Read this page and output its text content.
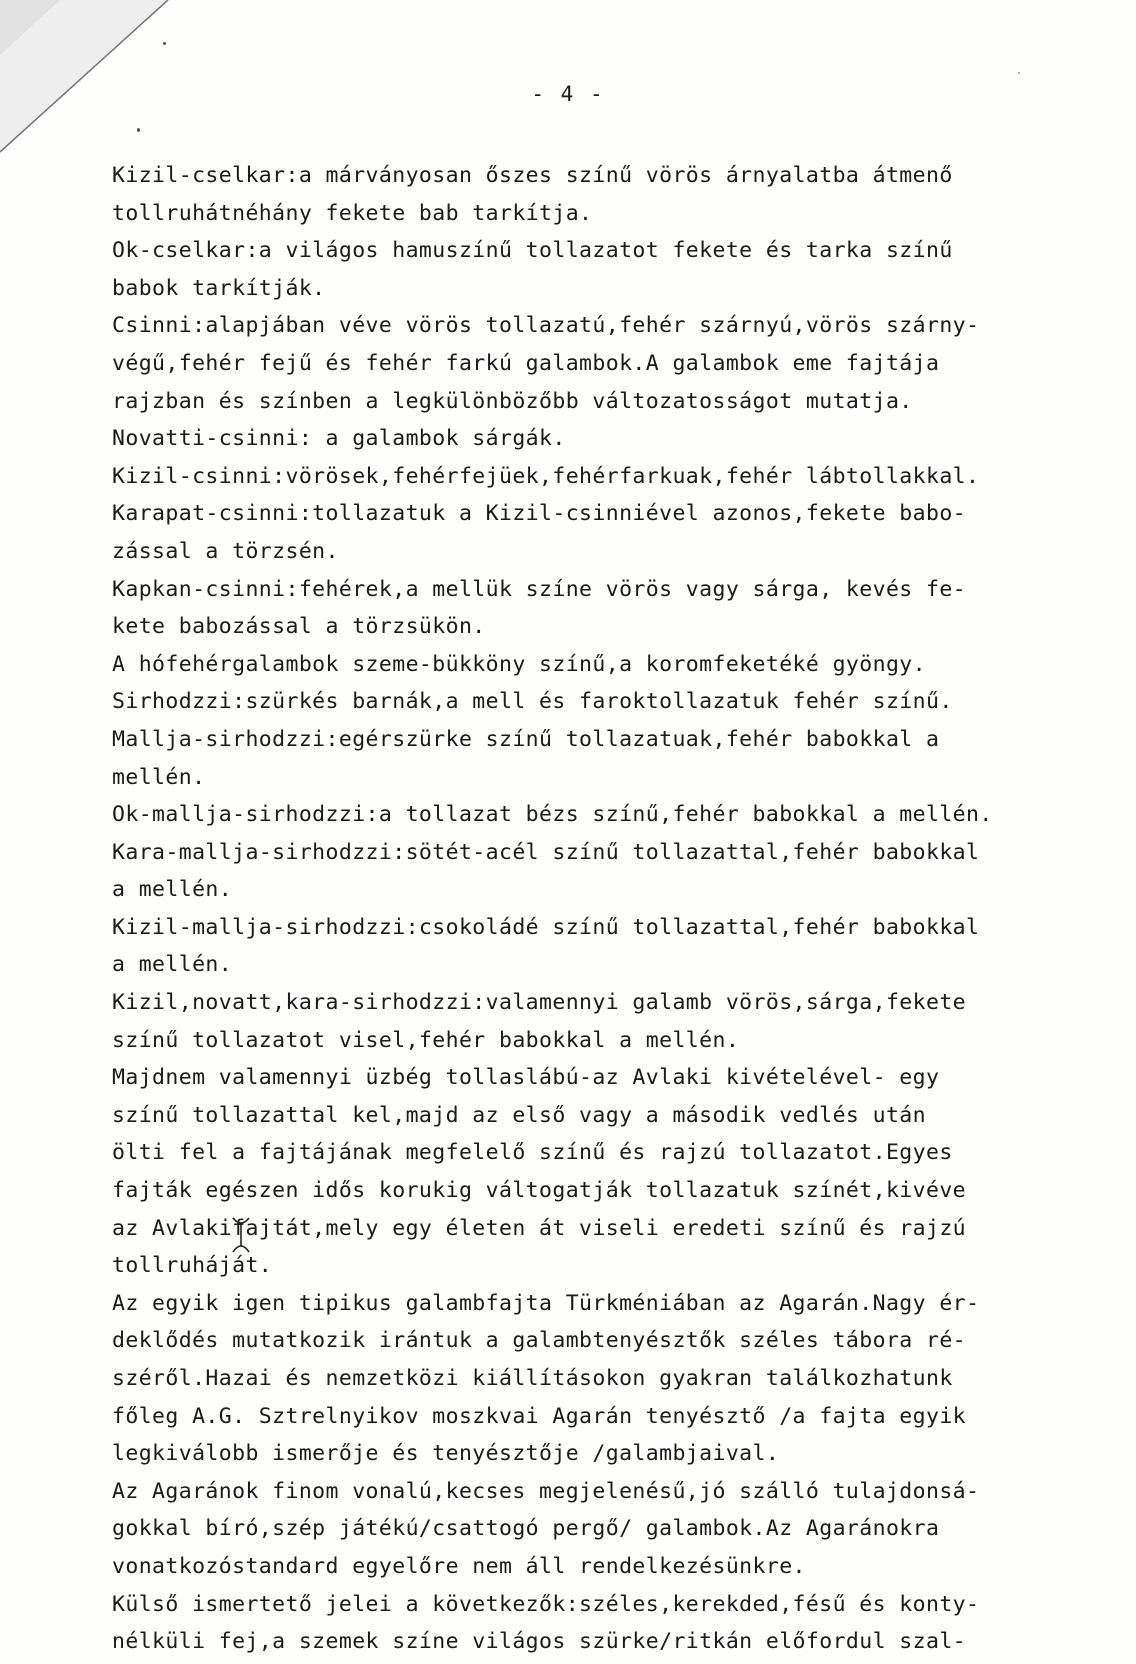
- 4 -
Kizil-cselkar:a márványosan őszes színű vörös árnyalatba átmenő
tollruhátnéhány fekete bab tarkítja.
Ok-cselkar:a világos hamuszínű tollazatot fekete és tarka színű
babok tarkítják.
Csinni:alapjában véve vörös tollazatú,fehér szárnyú,vörös szárny-
végű,fehér fejű és fehér farkú galambok.A galambok eme fajtája
rajzban és színben a legkülönbözőbb változatosságot mutatja.
Novatti-csinni: a galambok sárgák.
Kizil-csinni:vörösek,fehérfejüek,fehérfarkuak,fehér lábtollakkal.
Karapat-csinni:tollazatuk a Kizil-csinniével azonos,fekete babo-
zással a törzsén.
Kapkan-csinni:fehérek,a mellük színe vörös vagy sárga, kevés fe-
kete babozással a törzsükön.
A hófehérgalambok szeme-bükköny színű,a koromfeketéké gyöngy.
Sirhodzzi:szürkés barnák,a mell és faroktollazatuk fehér színű.
Mallja-sirhodzzi:egérszürke színű tollazatuak,fehér babokkal a
mellén.
Ok-mallja-sirhodzzi:a tollazat bézs színű,fehér babokkal a mellén.
Kara-mallja-sirhodzzi:sötét-acél színű tollazattal,fehér babokkal
a mellén.
Kizil-mallja-sirhodzzi:csokoládé színű tollazattal,fehér babokkal
a mellén.
Kizil,novatt,kara-sirhodzzi:valamennyi galamb vörös,sárga,fekete
színű tollazatot visel,fehér babokkal a mellén.
Majdnem valamennyi üzbég tollaslábú-az Avlaki kivételével- egy
színű tollazattal kel,majd az első vagy a második vedlés után
ölti fel a fajtájának megfelelő színű és rajzú tollazatot.Egyes
fajták egészen idős korukig váltogatják tollazatuk színét,kivéve
az Avlakifajtát,mely egy életen át viseli eredeti színű és rajzú
tollruháját.
Az egyik igen tipikus galambfajta Türkméniában az Agarán.Nagy ér-
deklődés mutatkozik irántuk a galambtenyésztők széles tábora ré-
széről.Hazai és nemzetközi kiállításokon gyakran találkozhatunk
főleg A.G. Sztrelnyikov moszkvai Agarán tenyésztő /a fajta egyik
legkiválobb ismerője és tenyésztője /galambjaival.
Az Agaránok finom vonalú,kecses megjelenésű,jó szálló tulajdonsá-
gokkal bíró,szép játékú/csattogó pergő/ galambok.Az Agaránokra
vonatkozóstandard egyelőre nem áll rendelkezésünkre.
Külső ismertető jelei a következők:széles,kerekded,fésű és konty-
nélküli fej,a szemek színe világos szürke/ritkán előfordul szal-
